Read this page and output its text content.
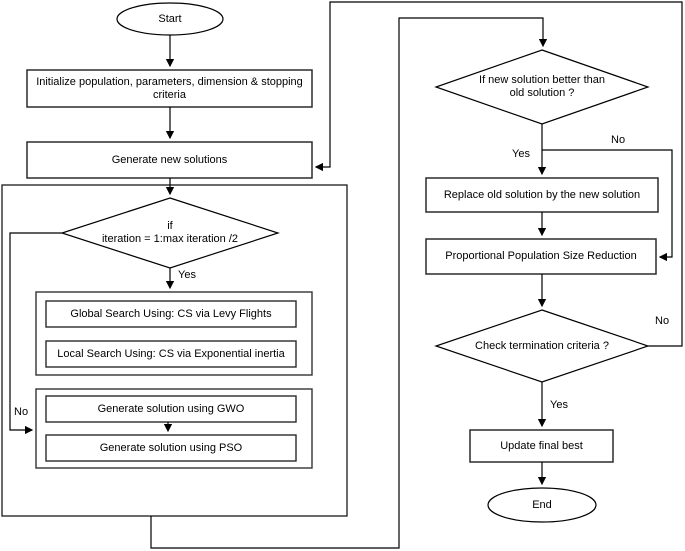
Start
Initialize population, parameters, dimension & stopping criteria
Generate new solutions
if
iteration = 1:max iteration /2
Global Search Using: CS via Levy Flights
Local Search Using: CS via Exponential inertia
Generate solution using GWO
Generate solution using PSO
If new solution better than
old solution ?
Replace old solution by the new solution
Proportional Population Size Reduction
Check termination criteria ?
Update final best
End
Yes
No
Yes
No
Yes
No
